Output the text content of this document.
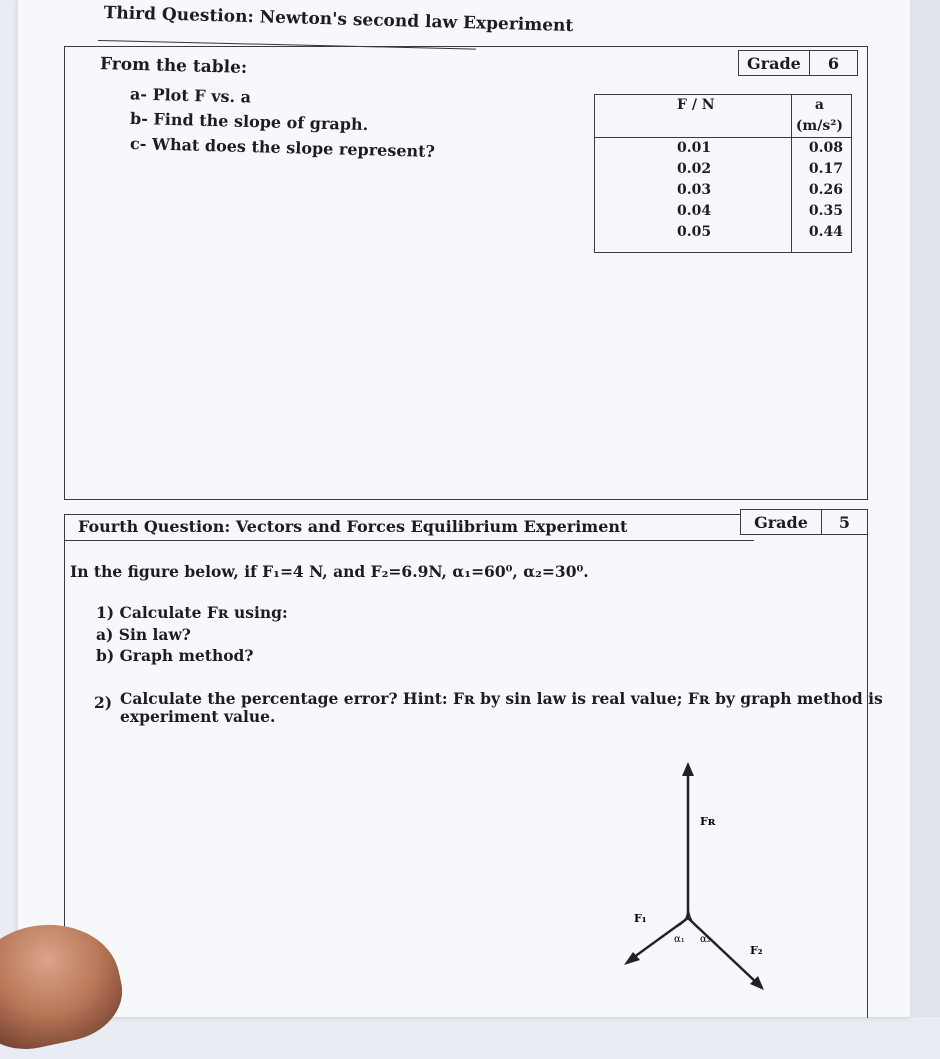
Third Question: Newton's second law Experiment
Grade	6
From the table:
a- Plot F vs. a
b- Find the slope of graph.
c- What does the slope represent?
F / N	a (m/s²)
0.01	0.08
0.02	0.17
0.03	0.26
0.04	0.35
0.05	0.44
Fourth Question: Vectors and Forces Equilibrium Experiment	Grade	5
In the figure below, if F₁=4 N, and F₂=6.9N, α₁=60⁰, α₂=30⁰.
1) Calculate Fʀ using:
a) Sin law?
b) Graph method?
2) Calculate the percentage error? Hint: Fʀ by sin law is real value; Fʀ by graph method is
experiment value.
Fʀ
F₁
F₂
α₁ α₂
